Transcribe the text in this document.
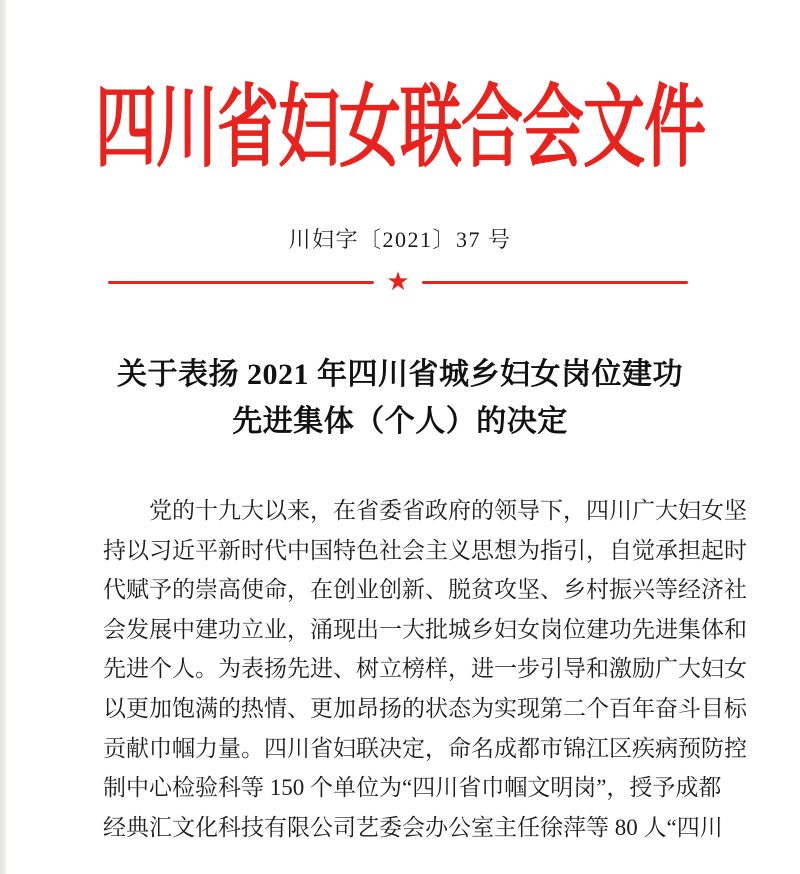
四川省妇女联合会文件
川妇字〔2021〕37 号
★
关于表扬 2021 年四川省城乡妇女岗位建功
先进集体（个人）的决定
党的十九大以来，在省委省政府的领导下，四川广大妇女坚
持以习近平新时代中国特色社会主义思想为指引，自觉承担起时
代赋予的崇高使命，在创业创新、脱贫攻坚、乡村振兴等经济社
会发展中建功立业，涌现出一大批城乡妇女岗位建功先进集体和
先进个人。为表扬先进、树立榜样，进一步引导和激励广大妇女
以更加饱满的热情、更加昂扬的状态为实现第二个百年奋斗目标
贡献巾帼力量。四川省妇联决定，命名成都市锦江区疾病预防控
制中心检验科等 150 个单位为“四川省巾帼文明岗”，授予成都
经典汇文化科技有限公司艺委会办公室主任徐萍等 80 人“四川
